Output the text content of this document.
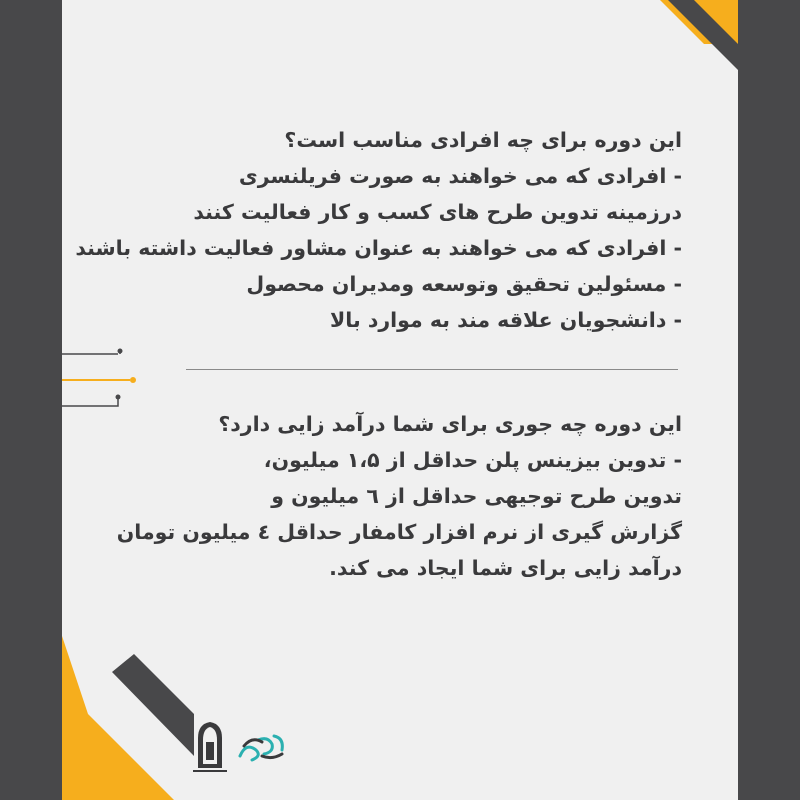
این دوره برای چه افرادی مناسب است؟
- افرادی که می خواهند به صورت فریلنسری
درزمینه تدوین طرح های کسب و کار فعالیت کنند
- افرادی که می خواهند به عنوان مشاور فعالیت داشته باشند
- مسئولین تحقیق وتوسعه ومدیران محصول
- دانشجویان علاقه مند به موارد بالا
این دوره چه جوری برای شما درآمد زایی دارد؟
- تدوین بیزینس پلن حداقل از ۱،۵ میلیون،
تدوین طرح توجیهی حداقل از ٦ میلیون و
گزارش گیری از نرم افزار کامفار حداقل ٤ میلیون تومان
درآمد زایی برای شما ایجاد می کند.
